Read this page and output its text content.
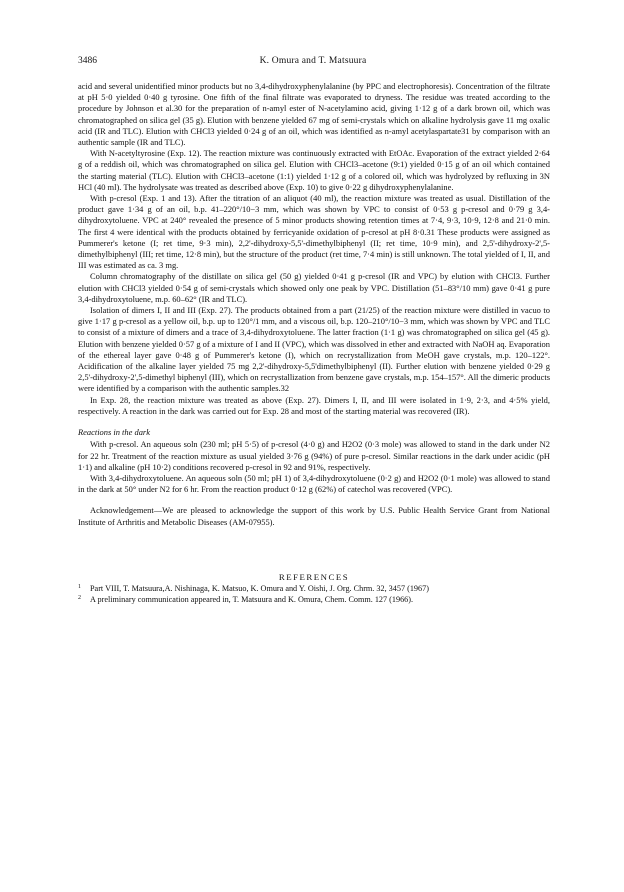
3486	K. Omura and T. Matsuura

acid and several unidentified minor products but no 3,4-dihydroxyphenylalanine (by PPC and electrophoresis). Concentration of the filtrate at pH 5·0 yielded 0·40 g tyrosine. One fifth of the final filtrate was evaporated to dryness. The residue was treated according to the procedure by Johnson et al.30 for the preparation of n-amyl ester of N-acetylamino acid, giving 1·12 g of a dark brown oil, which was chromatographed on silica gel (35 g). Elution with benzene yielded 67 mg of semi-crystals which on alkaline hydrolysis gave 11 mg oxalic acid (IR and TLC). Elution with CHCl3 yielded 0·24 g of an oil, which was identified as n-amyl acetylaspartate31 by comparison with an authentic sample (IR and TLC).

With N-acetyltyrosine (Exp. 12). The reaction mixture was continuously extracted with EtOAc. Evaporation of the extract yielded 2·64 g of a reddish oil, which was chromatographed on silica gel. Elution with CHCl3–acetone (9:1) yielded 0·15 g of an oil which contained the starting material (TLC). Elution with CHCl3–acetone (1:1) yielded 1·12 g of a colored oil, which was hydrolyzed by refluxing in 3N HCl (40 ml). The hydrolysate was treated as described above (Exp. 10) to give 0·22 g dihydroxyphenylalanine.

With p-cresol (Exp. 1 and 13). After the titration of an aliquot (40 ml), the reaction mixture was treated as usual. Distillation of the product gave 1·34 g of an oil, b.p. 41–220°/10−3 mm, which was shown by VPC to consist of 0·53 g p-cresol and 0·79 g 3,4-dihydroxytoluene. VPC at 240° revealed the presence of 5 minor products showing retention times at 7·4, 9·3, 10·9, 12·8 and 21·0 min. The first 4 were identical with the products obtained by ferricyanide oxidation of p-cresol at pH 8·0.31 These products were assigned as Pummerer's ketone (I; ret time, 9·3 min), 2,2'-dihydroxy-5,5'-dimethylbiphenyl (II; ret time, 10·9 min), and 2,5'-dihydroxy-2',5-dimethylbiphenyl (III; ret time, 12·8 min), but the structure of the product (ret time, 7·4 min) is still unknown. The total yielded of I, II, and III was estimated as ca. 3 mg.

Column chromatography of the distillate on silica gel (50 g) yielded 0·41 g p-cresol (IR and VPC) by elution with CHCl3. Further elution with CHCl3 yielded 0·54 g of semi-crystals which showed only one peak by VPC. Distillation (51–83°/10 mm) gave 0·41 g pure 3,4-dihydroxytoluene, m.p. 60–62° (IR and TLC).

Isolation of dimers I, II and III (Exp. 27). The products obtained from a part (21/25) of the reaction mixture were distilled in vacuo to give 1·17 g p-cresol as a yellow oil, b.p. up to 120°/1 mm, and a viscous oil, b.p. 120–210°/10−3 mm, which was shown by VPC and TLC to consist of a mixture of dimers and a trace of 3,4-dihydroxytoluene. The latter fraction (1·1 g) was chromatographed on silica gel (45 g). Elution with benzene yielded 0·57 g of a mixture of I and II (VPC), which was dissolved in ether and extracted with NaOH aq. Evaporation of the ethereal layer gave 0·48 g of Pummerer's ketone (I), which on recrystallization from MeOH gave crystals, m.p. 120–122°. Acidification of the alkaline layer yielded 75 mg 2,2'-dihydroxy-5,5'dimethylbiphenyl (II). Further elution with benzene yielded 0·29 g 2,5'-dihydroxy-2',5-dimethyl biphenyl (III), which on recrystallization from benzene gave crystals, m.p. 154–157°. All the dimeric products were identified by a comparison with the authentic samples.32

In Exp. 28, the reaction mixture was treated as above (Exp. 27). Dimers I, II, and III were isolated in 1·9, 2·3, and 4·5% yield, respectively. A reaction in the dark was carried out for Exp. 28 and most of the starting material was recovered (IR).

Reactions in the dark

With p-cresol. An aqueous soln (230 ml; pH 5·5) of p-cresol (4·0 g) and H2O2 (0·3 mole) was allowed to stand in the dark under N2 for 22 hr. Treatment of the reaction mixture as usual yielded 3·76 g (94%) of pure p-cresol. Similar reactions in the dark under acidic (pH 1·1) and alkaline (pH 10·2) conditions recovered p-cresol in 92 and 91%, respectively.

With 3,4-dihydroxytoluene. An aqueous soln (50 ml; pH 1) of 3,4-dihydroxytoluene (0·2 g) and H2O2 (0·1 mole) was allowed to stand in the dark at 50° under N2 for 6 hr. From the reaction product 0·12 g (62%) of catechol was recovered (VPC).

Acknowledgement—We are pleased to acknowledge the support of this work by U.S. Public Health Service Grant from National Institute of Arthritis and Metabolic Diseases (AM-07955).

REFERENCES

1	Part VIII, T. Matsuura,A. Nishinaga, K. Matsuo, K. Omura and Y. Oishi, J. Org. Chrm. 32, 3457 (1967)
2	A preliminary communication appeared in, T. Matsuura and K. Omura, Chem. Comm. 127 (1966).
